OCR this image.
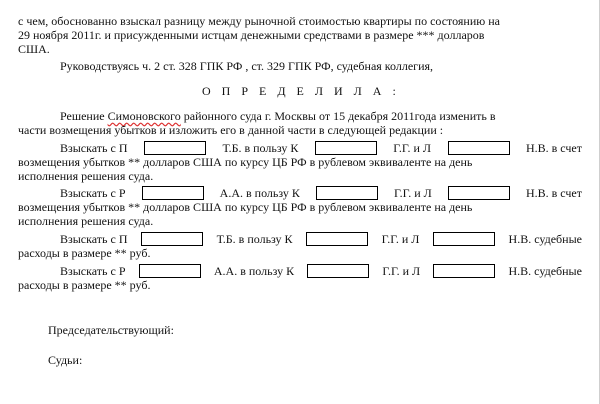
с чем, обоснованно взыскал разницу между рыночной стоимостью квартиры по состоянию на
29 ноября 2011г. и присужденными истцам денежными средствами в размере *** долларов
США.
Руководствуясь ч. 2 ст. 328 ГПК РФ , ст. 329 ГПК РФ, судебная коллегия,
О П Р Е Д Е Л И Л А :
Решение Симоновского районного суда г. Москвы от 15 декабря 2011года изменить в
части возмещения убытков и изложить его в данной части в следующей редакции :
Взыскать с П	Т.Б. в пользу К	Г.Г. и Л	Н.В. в счет
возмещения убытков ** долларов США по курсу ЦБ РФ в рублевом эквиваленте на день
исполнения решения суда.
Взыскать с Р	А.А. в пользу К	Г.Г. и Л	Н.В. в счет
возмещения убытков ** долларов США по курсу ЦБ РФ в рублевом эквиваленте на день
исполнения решения суда.
Взыскать с П	Т.Б. в пользу К	Г.Г. и Л	Н.В. судебные
расходы в размере ** руб.
Взыскать с Р	А.А. в пользу К	Г.Г. и Л	Н.В. судебные
расходы в размере ** руб.
Председательствующий:
Судьи:
